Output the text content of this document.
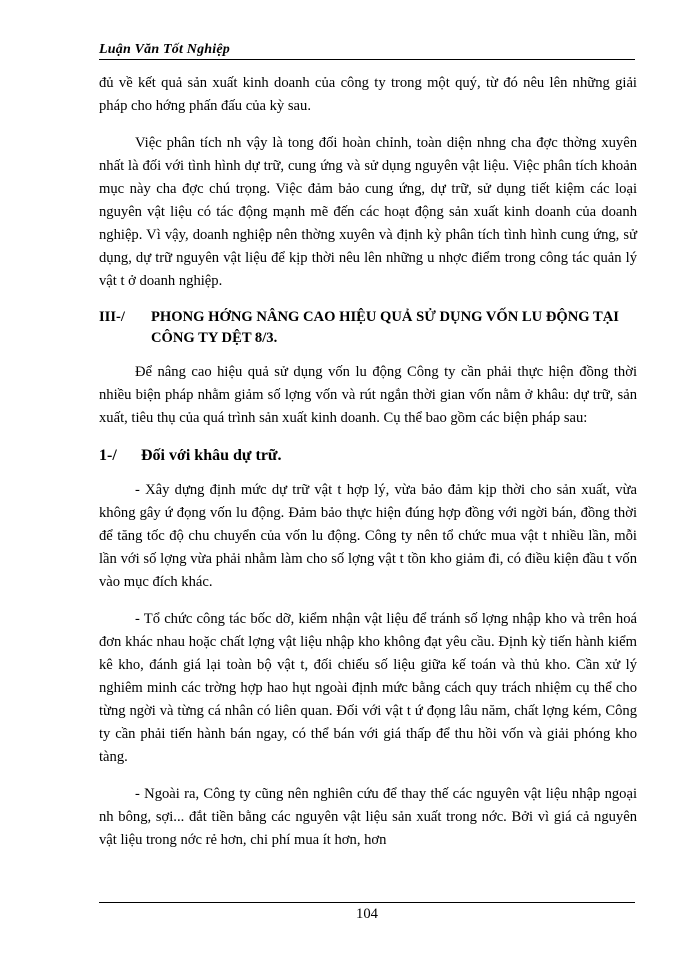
Luận Văn Tốt Nghiệp

đủ về kết quả sản xuất kinh doanh của công ty trong một quý, từ đó nêu lên những giải pháp cho hớng phấn đấu của kỳ sau.

Việc phân tích nh vậy là tong đối hoàn chỉnh, toàn diện nhng cha đợc thờng xuyên nhất là đối với tình hình dự trữ, cung ứng và sử dụng nguyên vật liệu. Việc phân tích khoản mục này cha đợc chú trọng. Việc đảm bảo cung ứng, dự trữ, sử dụng tiết kiệm các loại nguyên vật liệu có tác động mạnh mẽ đến các hoạt động sản xuất kinh doanh của doanh nghiệp. Vì vậy, doanh nghiệp nên thờng xuyên và định kỳ phân tích tình hình cung ứng, sử dụng, dự trữ nguyên vật liệu để kịp thời nêu lên những u nhợc điểm trong công tác quản lý vật t ở doanh nghiệp.

III-/	PHONG HỚNG NÂNG CAO HIỆU QUẢ SỬ DỤNG VỐN LU ĐỘNG TẠI CÔNG TY DỆT 8/3.

Để nâng cao hiệu quả sử dụng vốn lu động Công ty cần phải thực hiện đồng thời nhiều biện pháp nhằm giảm số lợng vốn và rút ngắn thời gian vốn nằm ở khâu: dự trữ, sản xuất, tiêu thụ của quá trình sản xuất kinh doanh. Cụ thể bao gồm các biện pháp sau:

1-/	Đối với khâu dự trữ.

- Xây dựng định mức dự trữ vật t hợp lý, vừa bảo đảm kịp thời cho sản xuất, vừa không gây ứ đọng vốn lu động. Đảm bảo thực hiện đúng hợp đồng với ngời bán, đồng thời để tăng tốc độ chu chuyển của vốn lu động. Công ty nên tổ chức mua vật t nhiều lần, mỗi lần với số lợng vừa phải nhằm làm cho số lợng vật t tồn kho giảm đi, có điều kiện đầu t vốn vào mục đích khác.

- Tổ chức công tác bốc dỡ, kiểm nhận vật liệu để tránh số lợng nhập kho và trên hoá đơn khác nhau hoặc chất lợng vật liệu nhập kho không đạt yêu cầu. Định kỳ tiến hành kiểm kê kho, đánh giá lại toàn bộ vật t, đối chiếu số liệu giữa kế toán và thủ kho. Cần xử lý nghiêm minh các trờng hợp hao hụt ngoài định mức bằng cách quy trách nhiệm cụ thể cho từng ngời và từng cá nhân có liên quan. Đối với vật t ứ đọng lâu năm, chất lợng kém, Công ty cần phải tiến hành bán ngay, có thể bán với giá thấp để thu hồi vốn và giải phóng kho tàng.

- Ngoài ra, Công ty cũng nên nghiên cứu để thay thế các nguyên vật liệu nhập ngoại nh bông, sợi... đắt tiền bằng các nguyên vật liệu sản xuất trong nớc. Bởi vì giá cả nguyên vật liệu trong nớc rẻ hơn, chi phí mua ít hơn, hơn

104
